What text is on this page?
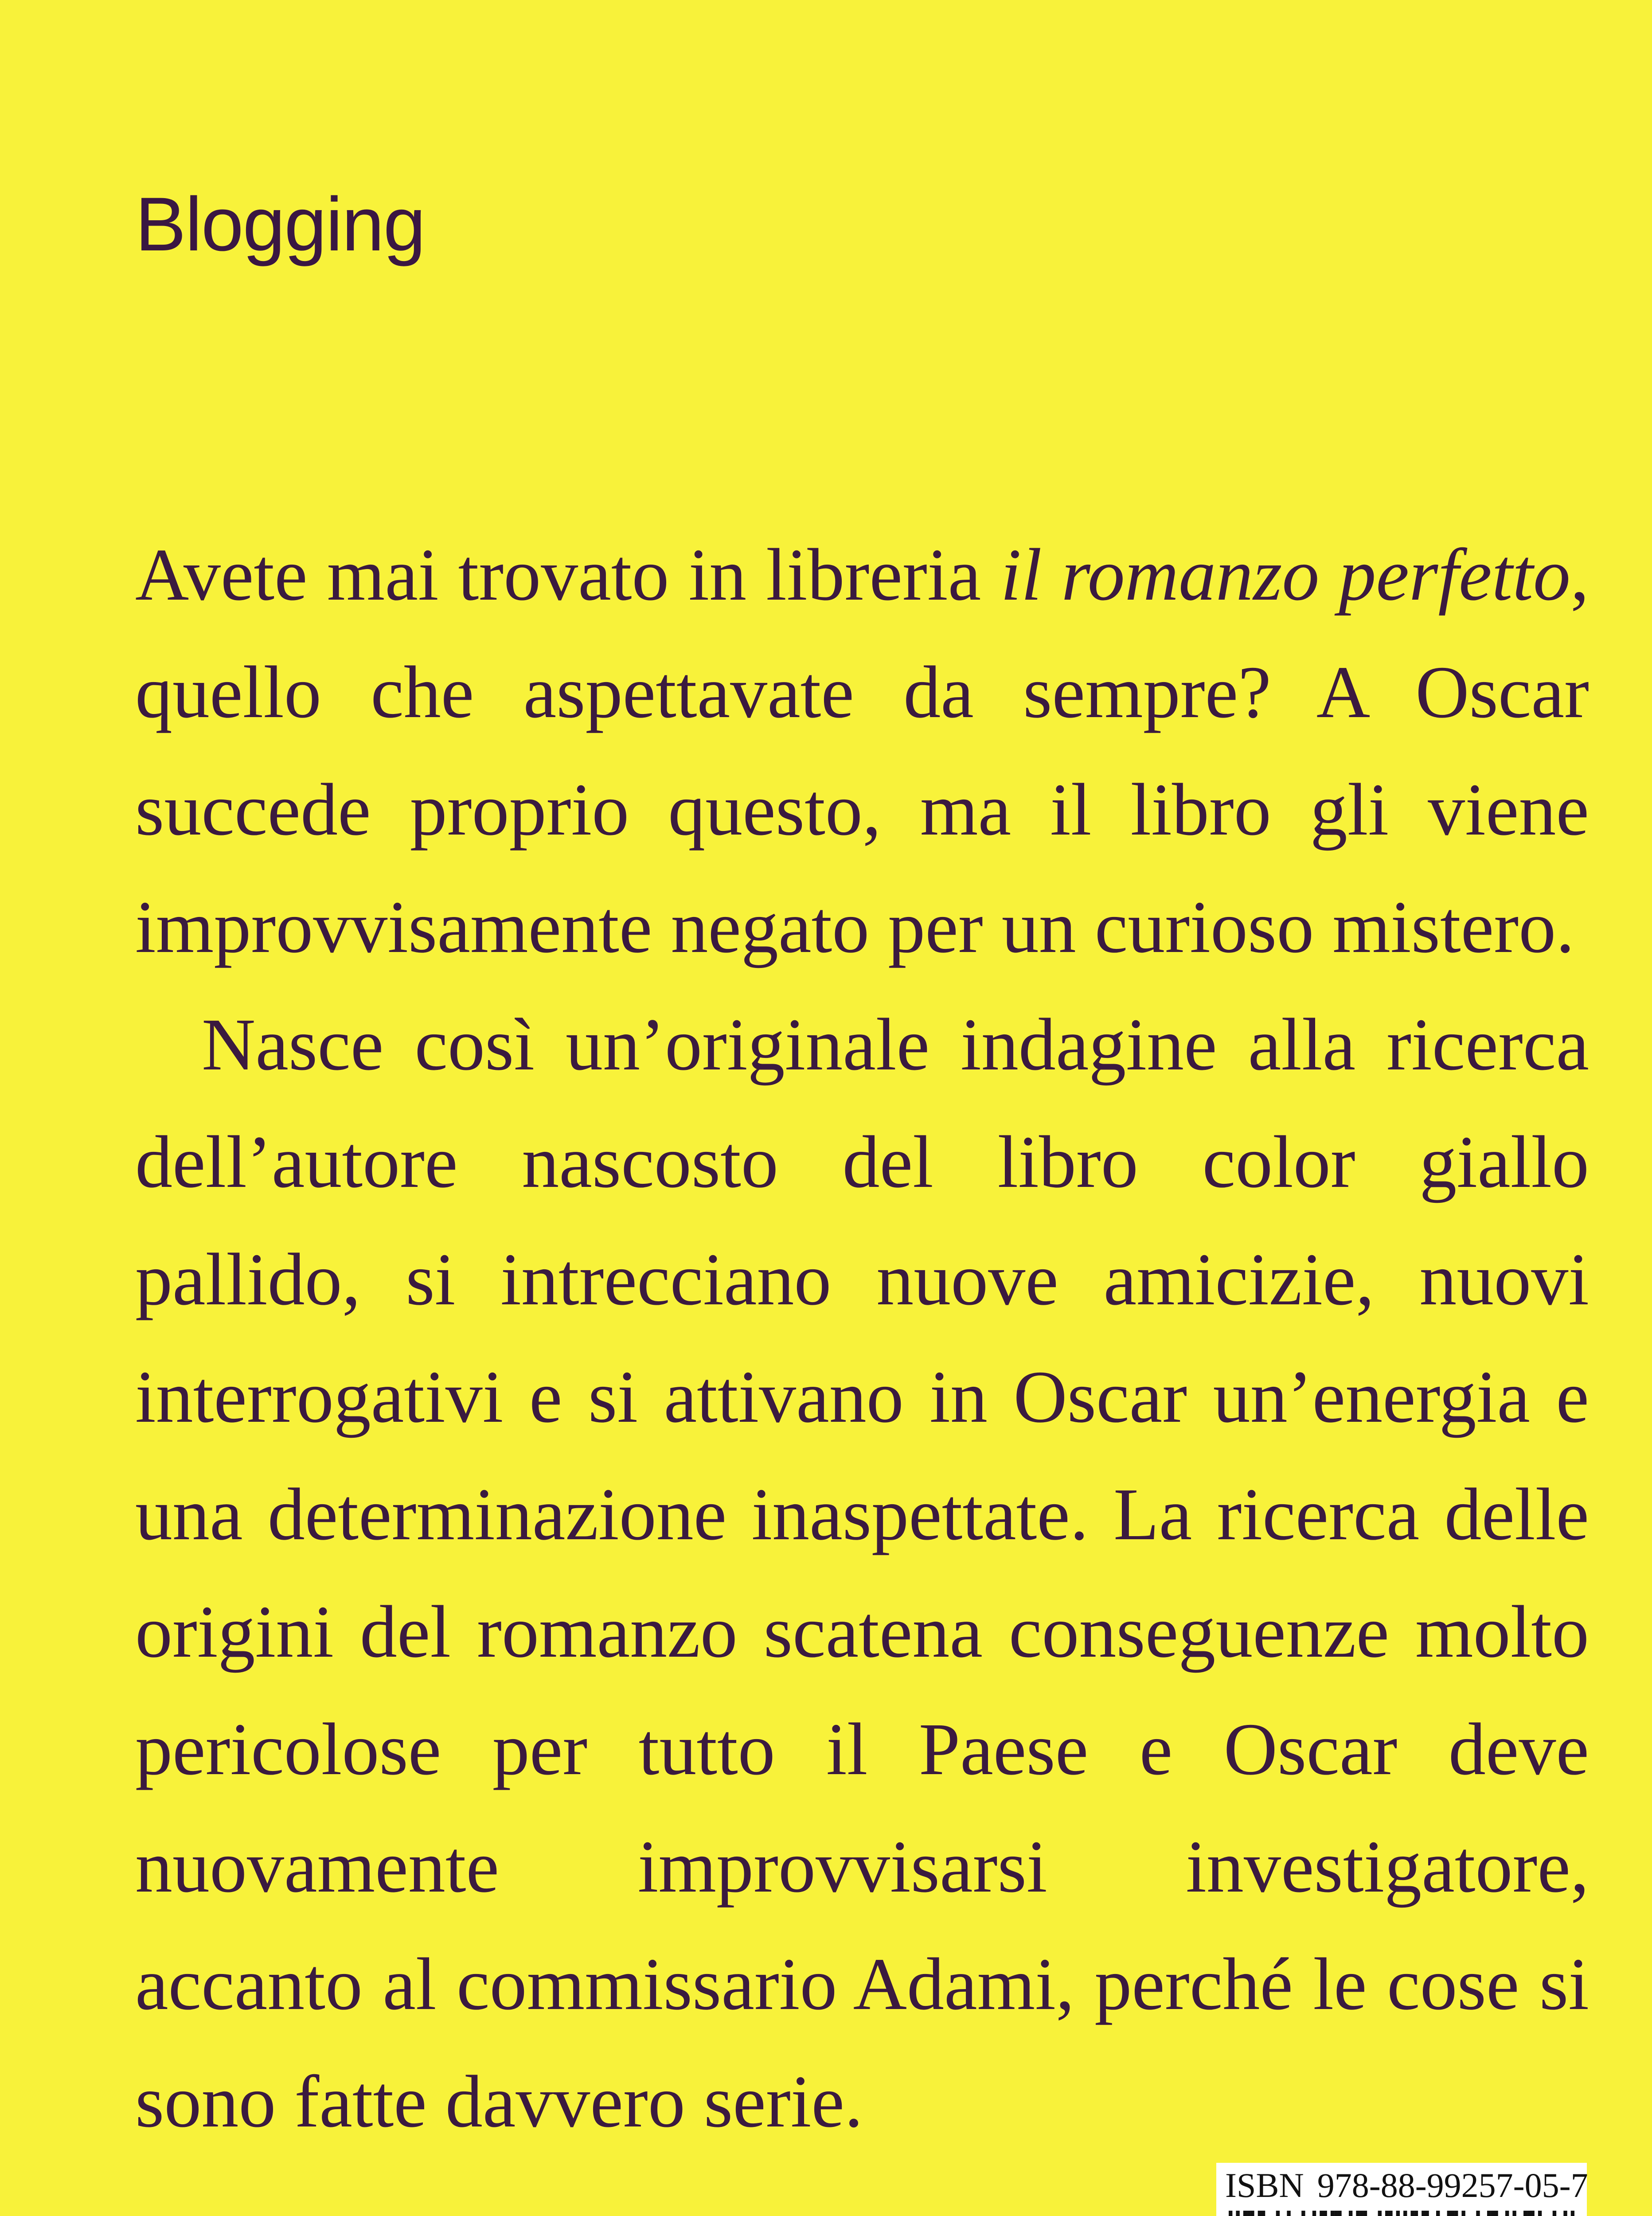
Blogging

Avete mai trovato in libreria il romanzo perfetto, quello che aspettavate da sempre? A Oscar succede proprio questo, ma il libro gli viene improvvisamente negato per un curioso mistero.

Nasce così un’originale indagine alla ricerca dell’autore nascosto del libro color giallo pallido, si intrecciano nuove amicizie, nuovi interrogativi e si attivano in Oscar un’energia e una determinazione inaspettate. La ricerca delle origini del romanzo scatena conseguenze molto pericolose per tutto il Paese e Oscar deve nuovamente improvvisarsi investigatore, accanto al commissario Adami, perché le cose si sono fatte davvero serie.

ISBN 978-88-99257-05-7
